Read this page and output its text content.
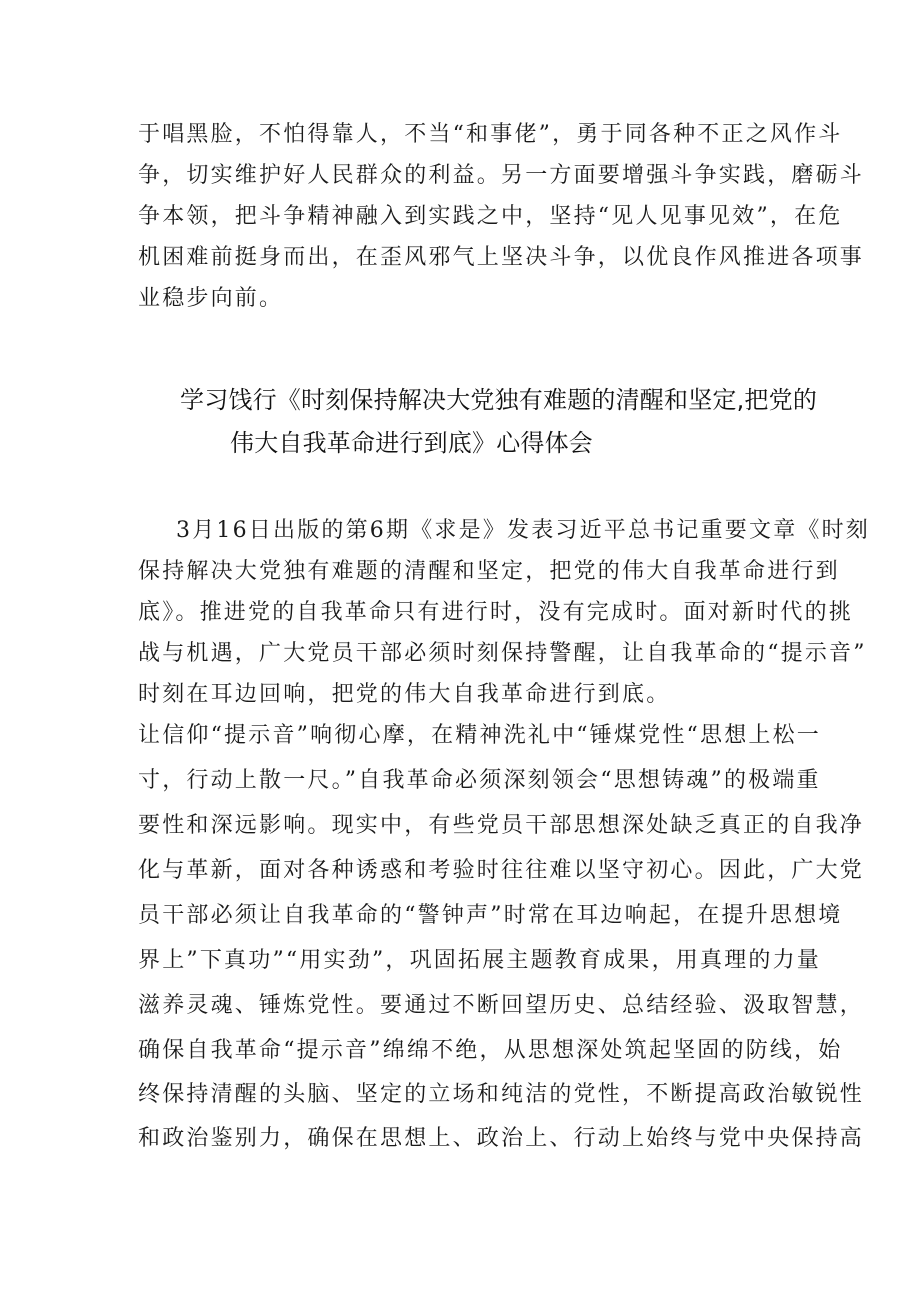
于唱黑脸，不怕得靠人，不当“和事佬”，勇于同各种不正之风作斗
争，切实维护好人民群众的利益。另一方面要增强斗争实践，磨砺斗
争本领，把斗争精神融入到实践之中，坚持“见人见事见效”，在危
机困难前挺身而出，在歪风邪气上坚决斗争，以优良作风推进各项事
业稳步向前。
学习饯行《时刻保持解决大党独有难题的清醒和坚定,把党的
伟大自我革命进行到底》心得体会
3月16日出版的第6期《求是》发表习近平总书记重要文章《时刻
保持解决大党独有难题的清醒和坚定，把党的伟大自我革命进行到
底》。推进党的自我革命只有进行时，没有完成时。面对新时代的挑
战与机遇，广大党员干部必须时刻保持警醒，让自我革命的“提示音”
时刻在耳边回响，把党的伟大自我革命进行到底。
让信仰“提示音”响彻心摩，在精神洗礼中“锤煤党性“思想上松一
寸，行动上散一尺。”自我革命必须深刻领会“思想铸魂”的极端重
要性和深远影响。现实中，有些党员干部思想深处缺乏真正的自我净
化与革新，面对各种诱惑和考验时往往难以坚守初心。因此，广大党
员干部必须让自我革命的“警钟声”时常在耳边响起，在提升思想境
界上”下真功”“用实劲”，巩固拓展主题教育成果，用真理的力量
滋养灵魂、锤炼党性。要通过不断回望历史、总结经验、汲取智慧，
确保自我革命“提示音”绵绵不绝，从思想深处筑起坚固的防线，始
终保持清醒的头脑、坚定的立场和纯洁的党性，不断提高政治敏锐性
和政治鉴别力，确保在思想上、政治上、行动上始终与党中央保持高
